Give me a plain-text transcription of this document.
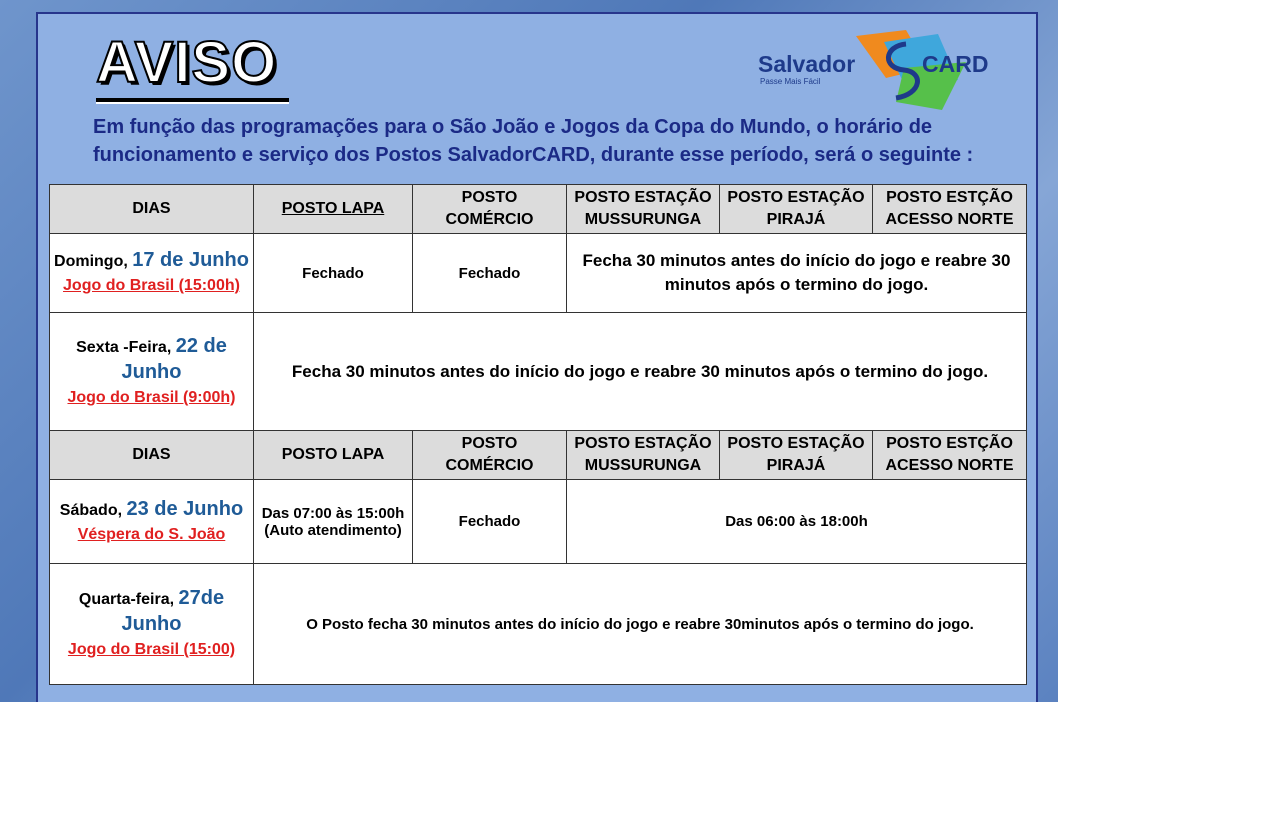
AVISO	Salvador	CARD
Passe Mais Fácil

Em função das programações para o São João e Jogos da Copa do Mundo, o horário de funcionamento e serviço dos Postos SalvadorCARD, durante esse período, será o seguinte :

DIAS	POSTO LAPA	POSTO COMÉRCIO	POSTO ESTAÇÃO MUSSURUNGA	POSTO ESTAÇÃO PIRAJÁ	POSTO ESTÇÃO ACESSO NORTE
Domingo, 17 de Junho
Jogo do Brasil (15:00h)	Fechado	Fechado	Fecha 30 minutos antes do início do jogo e reabre 30 minutos após o termino do jogo.		
Sexta -Feira, 22 de Junho
Jogo do Brasil (9:00h)	Fecha 30 minutos antes do início do jogo e reabre 30 minutos após o termino do jogo.				
DIAS	POSTO LAPA	POSTO COMÉRCIO	POSTO ESTAÇÃO MUSSURUNGA	POSTO ESTAÇÃO PIRAJÁ	POSTO ESTÇÃO ACESSO NORTE
Sábado, 23 de Junho
Véspera do S. João	Das 07:00 às 15:00h (Auto atendimento)	Fechado	Das 06:00 às 18:00h		
Quarta-feira, 27de Junho
Jogo do Brasil (15:00)	O Posto fecha 30 minutos antes do início do jogo e reabre 30minutos após o termino do jogo.				
